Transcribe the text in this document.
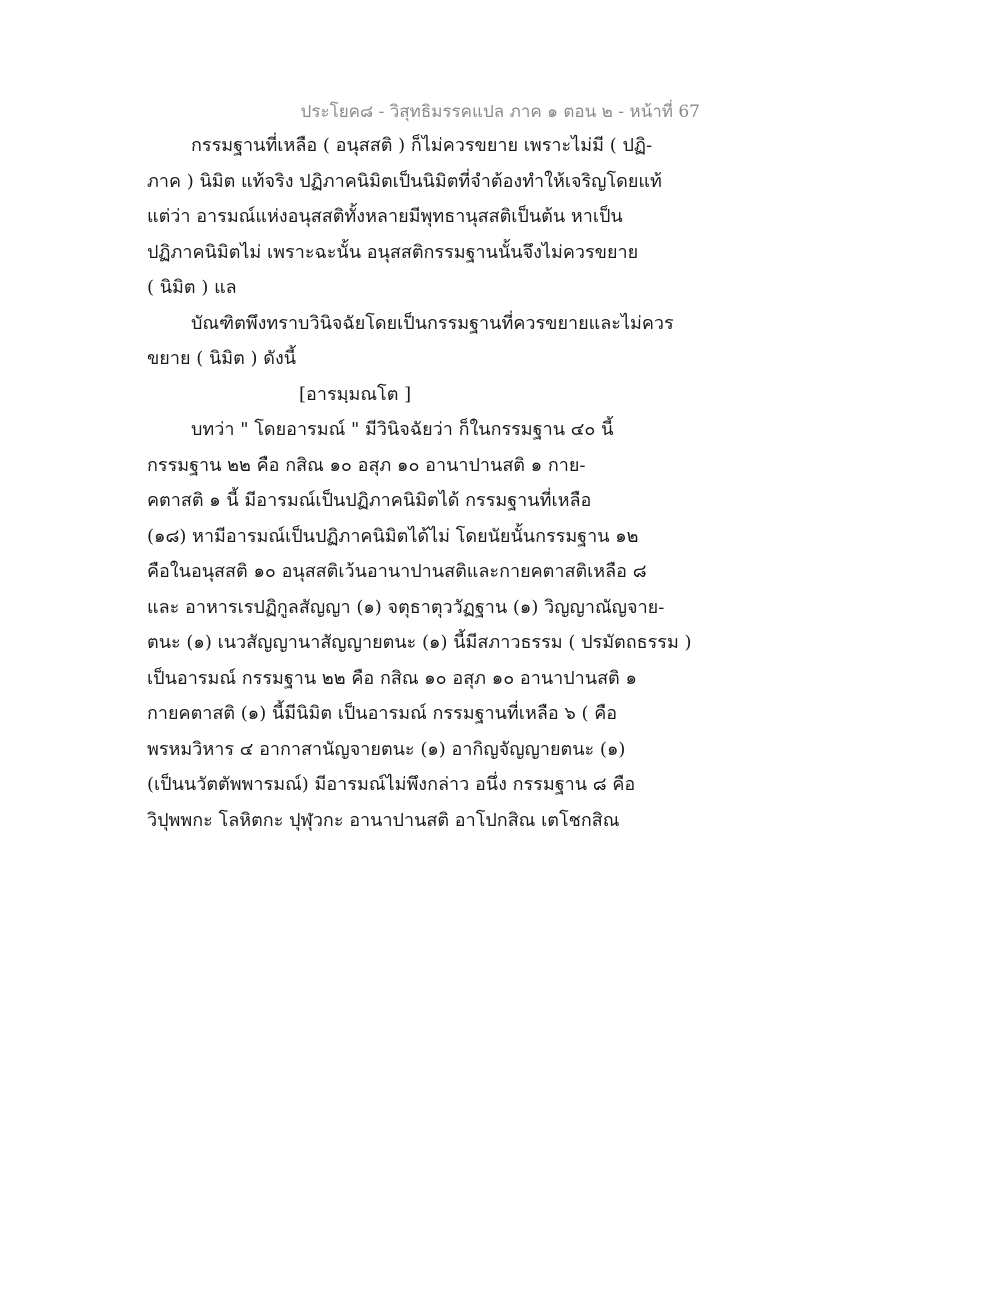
ประโยค๘ - วิสุทธิมรรคแปล ภาค ๑ ตอน ๒ - หน้าที่ 67
กรรมฐานที่เหลือ ( อนุสสติ ) ก็ไม่ควรขยาย เพราะไม่มี ( ปฏิ-
ภาค ) นิมิต แท้จริง ปฏิภาคนิมิตเป็นนิมิตที่จำต้องทำให้เจริญโดยแท้
แต่ว่า อารมณ์แห่งอนุสสติทั้งหลายมีพุทธานุสสติเป็นต้น หาเป็น
ปฏิภาคนิมิตไม่ เพราะฉะนั้น อนุสสติกรรมฐานนั้นจึงไม่ควรขยาย
( นิมิต ) แล
บัณฑิตพึงทราบวินิจฉัยโดยเป็นกรรมฐานที่ควรขยายและไม่ควร
ขยาย ( นิมิต ) ดังนี้
[อารมฺมณโต ]
บทว่า " โดยอารมณ์ " มีวินิจฉัยว่า ก็ในกรรมฐาน ๔๐ นี้
กรรมฐาน ๒๒ คือ กสิณ ๑๐ อสุภ ๑๐ อานาปานสติ ๑ กาย-
คตาสติ ๑ นี้ มีอารมณ์เป็นปฏิภาคนิมิตได้ กรรมฐานที่เหลือ
(๑๘) หามีอารมณ์เป็นปฏิภาคนิมิตได้ไม่ โดยนัยนั้นกรรมฐาน ๑๒
คือในอนุสสติ ๑๐ อนุสสติเว้นอานาปานสติและกายคตาสติเหลือ ๘
และ อาหารเรปฏิกูลสัญญา (๑) จตุธาตุววัฏฐาน (๑) วิญญาณัญจาย-
ตนะ (๑) เนวสัญญานาสัญญายตนะ (๑) นี้มีสภาวธรรม ( ปรมัตถธรรม )
เป็นอารมณ์ กรรมฐาน ๒๒ คือ กสิณ ๑๐ อสุภ ๑๐ อานาปานสติ ๑
กายคตาสติ (๑) นี้มีนิมิต เป็นอารมณ์ กรรมฐานที่เหลือ ๖ ( คือ
พรหมวิหาร ๔ อากาสานัญจายตนะ (๑) อากิญจัญญายตนะ (๑)
(เป็นนวัตตัพพารมณ์) มีอารมณ์ไม่พึงกล่าว อนึ่ง กรรมฐาน ๘ คือ
วิปุพพกะ โลหิตกะ ปุฬุวกะ อานาปานสติ อาโปกสิณ เตโชกสิณ
